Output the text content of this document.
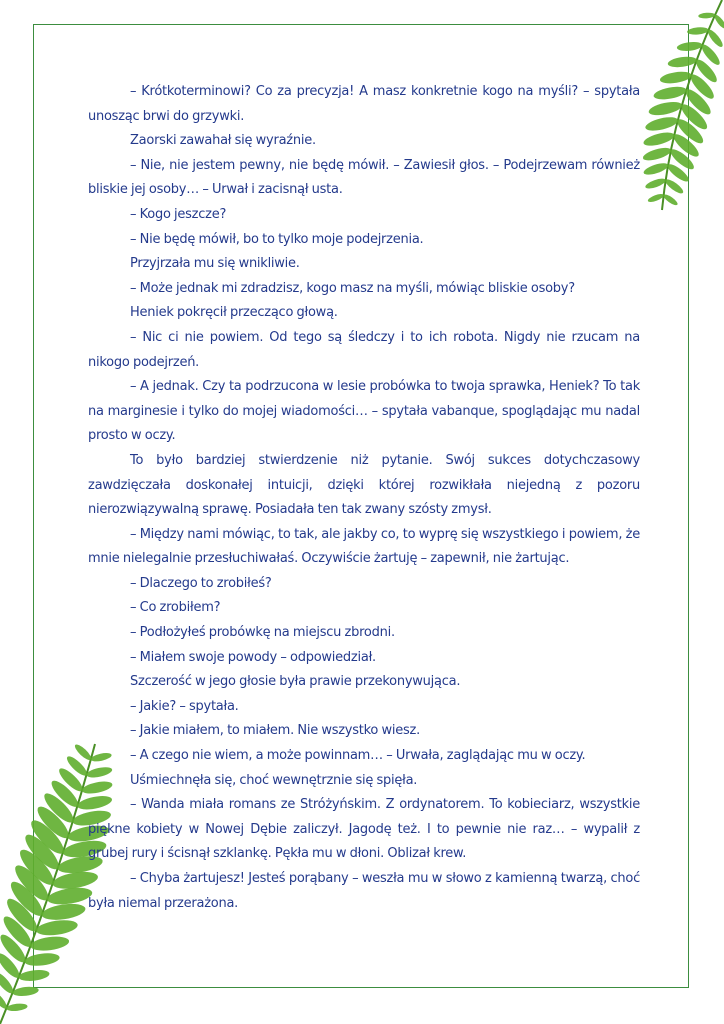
– Krótkoterminowi? Co za precyzja! A masz konkretnie kogo na myśli? – spytała unosząc brwi do grzywki.

Zaorski zawahał się wyraźnie.

– Nie, nie jestem pewny, nie będę mówił. – Zawiesił głos. – Podejrzewam również bliskie jej osoby… – Urwał i zacisnął usta.

– Kogo jeszcze?

– Nie będę mówił, bo to tylko moje podejrzenia.

Przyjrzała mu się wnikliwie.

– Może jednak mi zdradzisz, kogo masz na myśli, mówiąc bliskie osoby?

Heniek pokręcił przecząco głową.

– Nic ci nie powiem. Od tego są śledczy i to ich robota. Nigdy nie rzucam na nikogo podejrzeń.

– A jednak. Czy ta podrzucona w lesie probówka to twoja sprawka, Heniek? To tak na marginesie i tylko do mojej wiadomości… – spytała vabanque, spoglądając mu nadal prosto w oczy.

To było bardziej stwierdzenie niż pytanie. Swój sukces dotychczasowy zawdzięczała doskonałej intuicji, dzięki której rozwikłała niejedną z pozoru nierozwiązywalną sprawę. Posiadała ten tak zwany szósty zmysł.

– Między nami mówiąc, to tak, ale jakby co, to wyprę się wszystkiego i powiem, że mnie nielegalnie przesłuchiwałaś. Oczywiście żartuję – zapewnił, nie żartując.

– Dlaczego to zrobiłeś?

– Co zrobiłem?

– Podłożyłeś probówkę na miejscu zbrodni.

– Miałem swoje powody – odpowiedział.

Szczerość w jego głosie była prawie przekonywująca.

– Jakie? – spytała.

– Jakie miałem, to miałem. Nie wszystko wiesz.

– A czego nie wiem, a może powinnam… – Urwała, zaglądając mu w oczy.

Uśmiechnęła się, choć wewnętrznie się spięła.

– Wanda miała romans ze Stróżyńskim. Z ordynatorem. To kobieciarz, wszystkie piękne kobiety w Nowej Dębie zaliczył. Jagodę też. I to pewnie nie raz… – wypalił z grubej rury i ścisnął szklankę. Pękła mu w dłoni. Oblizał krew.

– Chyba żartujesz! Jesteś porąbany – weszła mu w słowo z kamienną twarzą, choć była niemal przerażona.
